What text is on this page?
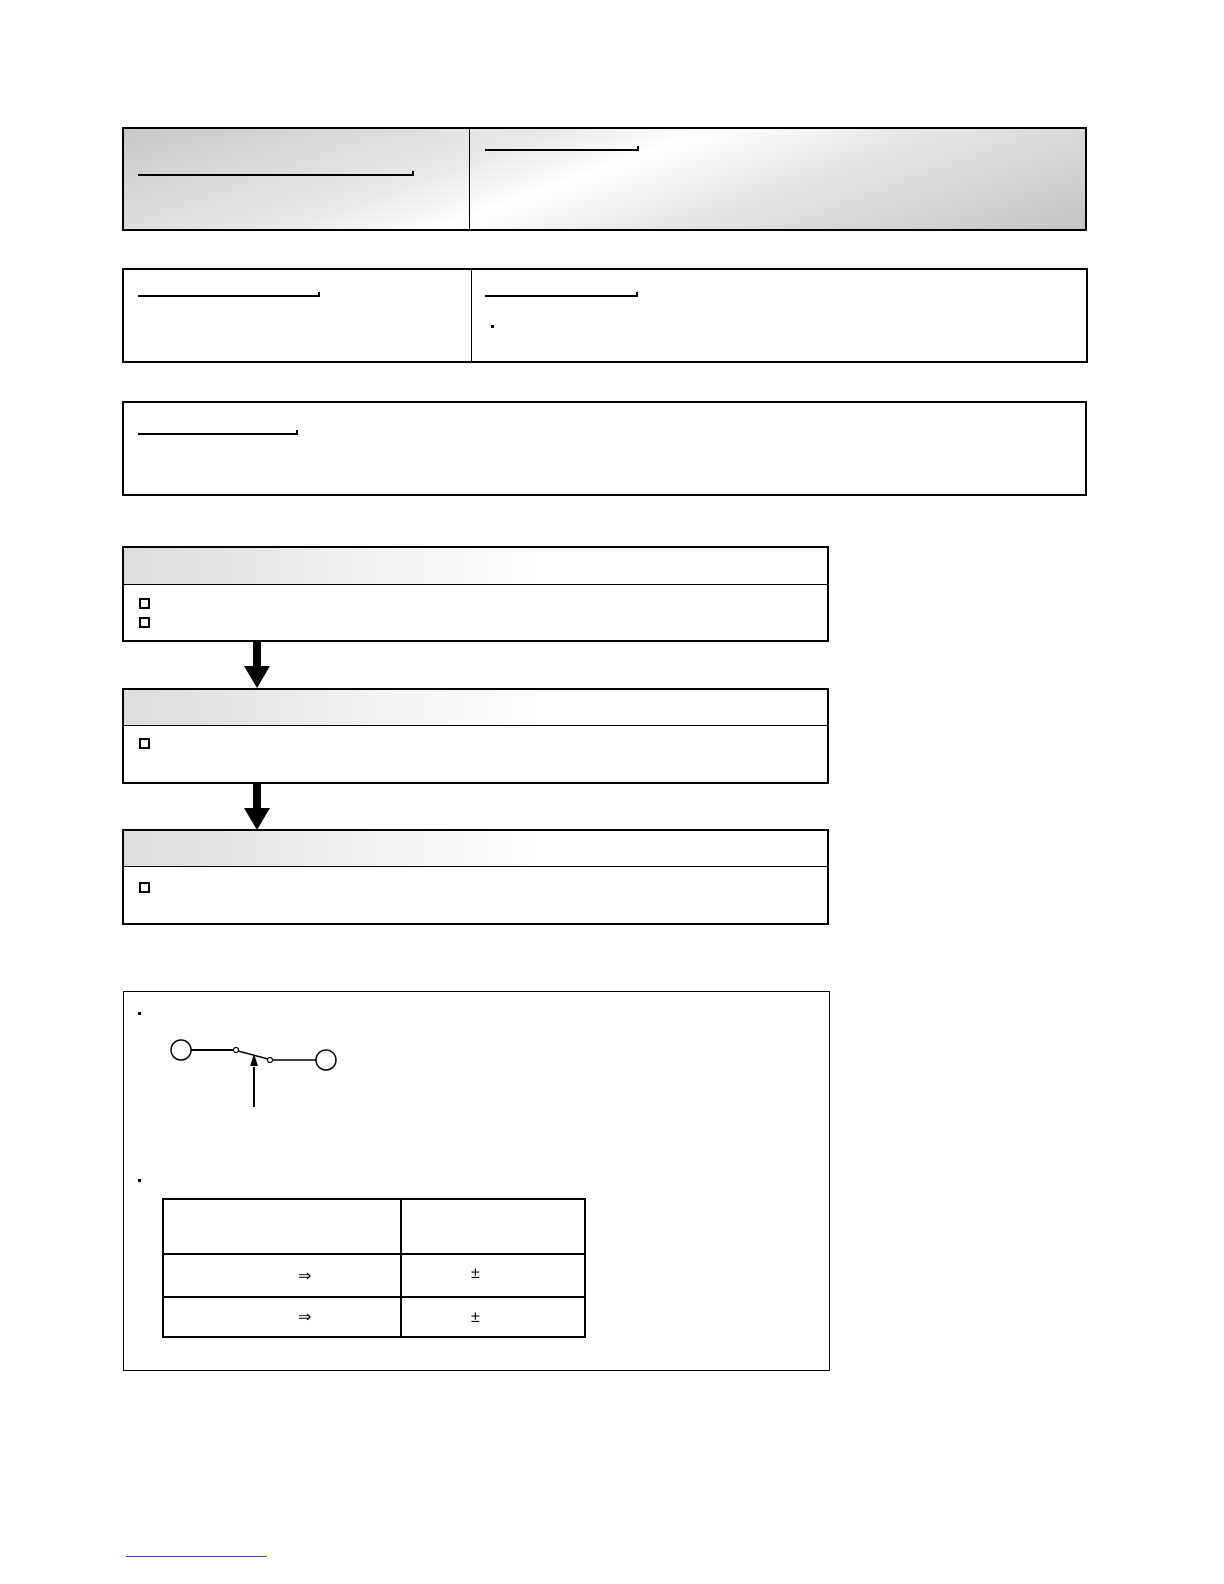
⇒	±

⇒	±
